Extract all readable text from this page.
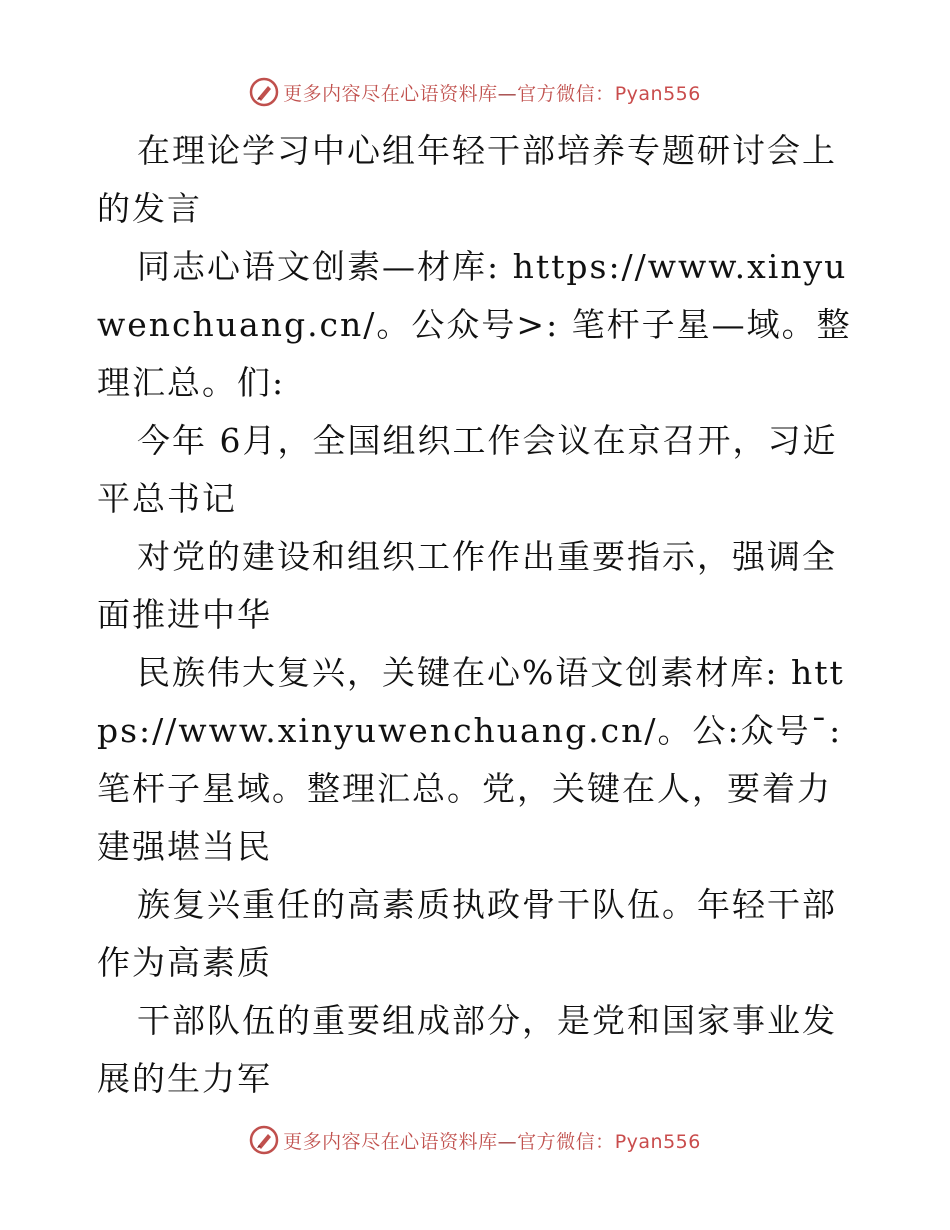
更多内容尽在心语资料库—官方微信：Pyan556

在理论学习中心组年轻干部培养专题研讨会上的发言

同志心语文创素—材库: https://www.xinyuwenchuang.cn/。公众号>: 笔杆子星—域。整理汇总。们:

今年 6月，全国组织工作会议在京召开，习近平总书记

对党的建设和组织工作作出重要指示，强调全面推进中华

民族伟大复兴，关键在心%语文创素材库: https://www.xinyuwenchuang.cn/。公:众号¯: 笔杆子星域。整理汇总。党，关键在人，要着力建强堪当民

族复兴重任的高素质执政骨干队伍。年轻干部作为高素质

干部队伍的重要组成部分，是党和国家事业发展的生力军

更多内容尽在心语资料库—官方微信：Pyan556
